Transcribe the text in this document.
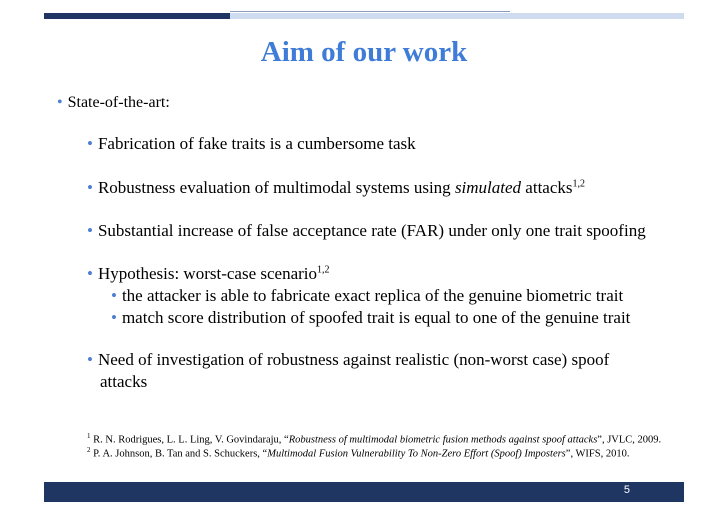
Aim of our work
• State-of-the-art:
• Fabrication of fake traits is a cumbersome task
• Robustness evaluation of multimodal systems using simulated attacks$^{1,2}$
• Substantial increase of false acceptance rate (FAR) under only one trait spoofing
• Hypothesis: worst-case scenario$^{1,2}$
• the attacker is able to fabricate exact replica of the genuine biometric trait
• match score distribution of spoofed trait is equal to one of the genuine trait
• Need of investigation of robustness against realistic (non-worst case) spoof
attacks
$^1$ R. N. Rodrigues, L. L. Ling, V. Govindaraju, “Robustness of multimodal biometric fusion methods against spoof attacks”, JVLC, 2009.
$^2$ P. A. Johnson, B. Tan and S. Schuckers, “Multimodal Fusion Vulnerability To Non-Zero Effort (Spoof) Imposters”, WIFS, 2010.
5
